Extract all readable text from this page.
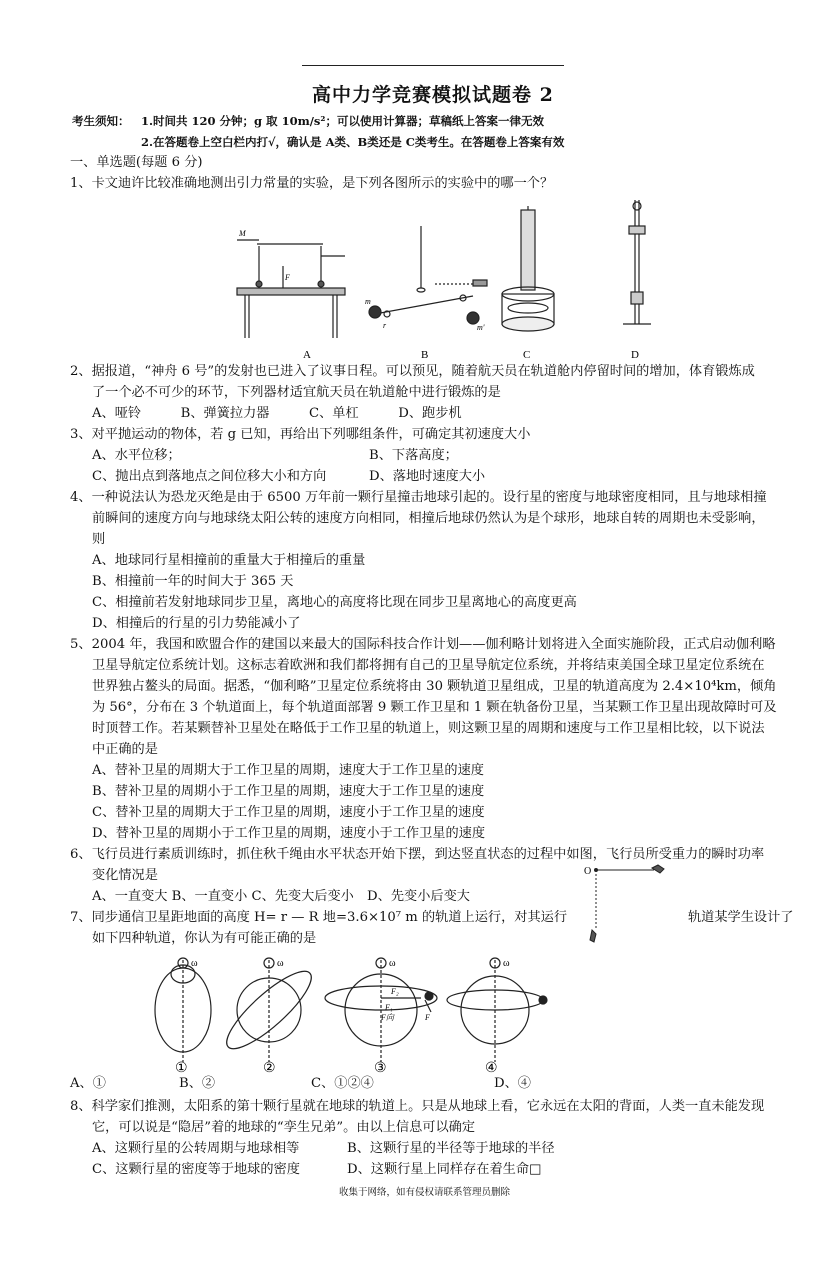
高中力学竞赛模拟试题卷 2
考生须知： 1.时间共 120 分钟；g 取 10m/s²；可以使用计算器；草稿纸上答案一律无效
2.在答题卷上空白栏内打√，确认是 A类、B类还是 C类考生。在答题卷上答案有效
一、单选题(每题 6 分)
1、卡文迪许比较准确地测出引力常量的实验，是下列各图所示的实验中的哪一个？
M
F
A
m
r	m'
B	C	D
2、据报道，“神舟 6 号”的发射也已进入了议事日程。可以预见，随着航天员在轨道舱内停留时间的增加，体育锻炼成
了一个必不可少的环节，下列器材适宜航天员在轨道舱中进行锻炼的是
A、哑铃　　　B、弹簧拉力器　　　C、单杠　　　D、跑步机
3、对平抛运动的物体，若 g 已知，再给出下列哪组条件，可确定其初速度大小
A、水平位移；	B、下落高度；
C、抛出点到落地点之间位移大小和方向	D、落地时速度大小
4、一种说法认为恐龙灭绝是由于 6500 万年前一颗行星撞击地球引起的。设行星的密度与地球密度相同，且与地球相撞
前瞬间的速度方向与地球绕太阳公转的速度方向相同，相撞后地球仍然认为是个球形，地球自转的周期也未受影响，
则
A、地球同行星相撞前的重量大于相撞后的重量
B、相撞前一年的时间大于 365 天
C、相撞前若发射地球同步卫星，离地心的高度将比现在同步卫星离地心的高度更高
D、相撞后的行星的引力势能减小了
5、2004 年，我国和欧盟合作的建国以来最大的国际科技合作计划——伽利略计划将进入全面实施阶段，正式启动伽利略
卫星导航定位系统计划。这标志着欧洲和我们都将拥有自己的卫星导航定位系统，并将结束美国全球卫星定位系统在
世界独占鳌头的局面。据悉，“伽利略”卫星定位系统将由 30 颗轨道卫星组成，卫星的轨道高度为 2.4×10⁴km，倾角
为 56°，分布在 3 个轨道面上，每个轨道面部署 9 颗工作卫星和 1 颗在轨备份卫星，当某颗工作卫星出现故障时可及
时顶替工作。若某颗替补卫星处在略低于工作卫星的轨道上，则这颗卫星的周期和速度与工作卫星相比较，以下说法
中正确的是
A、替补卫星的周期大于工作卫星的周期，速度大于工作卫星的速度
B、替补卫星的周期小于工作卫星的周期，速度大于工作卫星的速度
C、替补卫星的周期大于工作卫星的周期，速度小于工作卫星的速度
D、替补卫星的周期小于工作卫星的周期，速度小于工作卫星的速度
6、飞行员进行素质训练时，抓住秋千绳由水平状态开始下摆，到达竖直状态的过程中如图，飞行员所受重力的瞬时功率
变化情况是
A、一直变大 B、一直变小 C、先变大后变小　D、先变小后变大
O
7、同步通信卫星距地面的高度 H= r — R 地=3.6×10⁷ m 的轨道上运行，对其运行	轨道某学生设计了
如下四种轨道，你认为有可能正确的是
ω	ω	ω	ω
F₂
F₁
F向	F
①	②	③	④
A、①	B、②	C、①②④	D、④
8、科学家们推测，太阳系的第十颗行星就在地球的轨道上。只是从地球上看，它永远在太阳的背面，人类一直未能发现
它，可以说是“隐居”着的地球的“孪生兄弟”。由以上信息可以确定
A、这颗行星的公转周期与地球相等	B、这颗行星的半径等于地球的半径
C、这颗行星的密度等于地球的密度	D、这颗行星上同样存在着生命□
收集于网络，如有侵权请联系管理员删除
